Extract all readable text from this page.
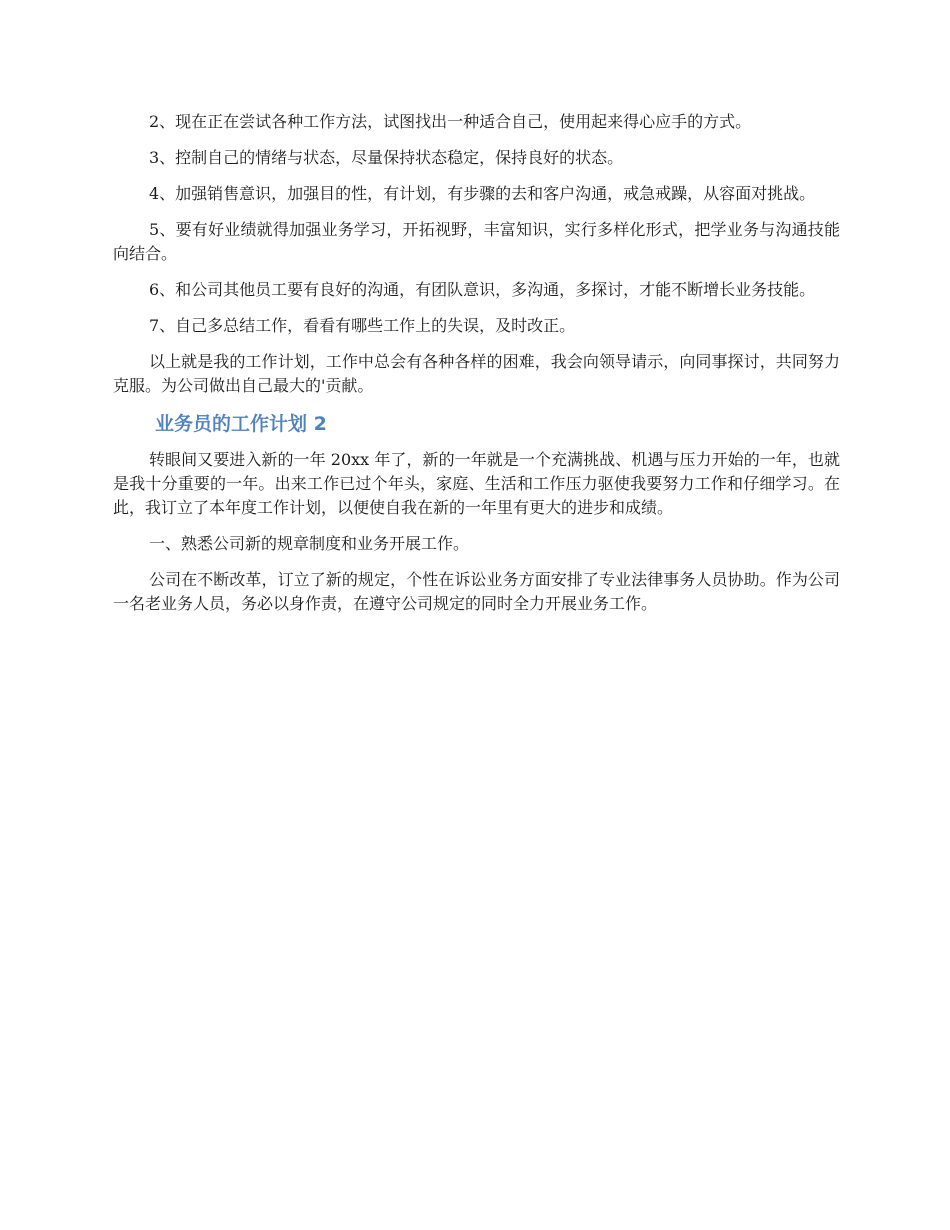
2、现在正在尝试各种工作方法，试图找出一种适合自己，使用起来得心应手的方式。

3、控制自己的情绪与状态，尽量保持状态稳定，保持良好的状态。

4、加强销售意识，加强目的性，有计划，有步骤的去和客户沟通，戒急戒躁，从容面对挑战。

5、要有好业绩就得加强业务学习，开拓视野，丰富知识，实行多样化形式，把学业务与沟通技能向结合。

6、和公司其他员工要有良好的沟通，有团队意识，多沟通，多探讨，才能不断增长业务技能。

7、自己多总结工作，看看有哪些工作上的失误，及时改正。

以上就是我的工作计划，工作中总会有各种各样的困难，我会向领导请示，向同事探讨，共同努力克服。为公司做出自己最大的'贡献。

业务员的工作计划 2

转眼间又要进入新的一年 20xx 年了，新的一年就是一个充满挑战、机遇与压力开始的一年，也就是我十分重要的一年。出来工作已过个年头，家庭、生活和工作压力驱使我要努力工作和仔细学习。在此，我订立了本年度工作计划，以便使自我在新的一年里有更大的进步和成绩。

一、熟悉公司新的规章制度和业务开展工作。

公司在不断改革，订立了新的规定，个性在诉讼业务方面安排了专业法律事务人员协助。作为公司一名老业务人员，务必以身作责，在遵守公司规定的同时全力开展业务工作。
